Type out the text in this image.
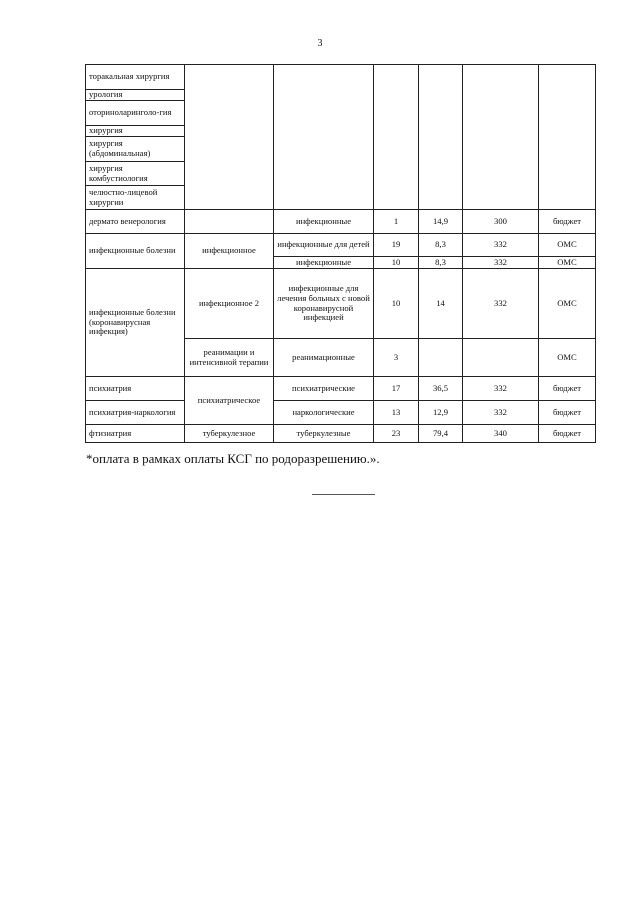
3
торакальная хирургия						
урология						
оториноларинголо-гия						
хирургия						
хирургия (абдоминальная)						
хирургия комбустиология						
челюстно-лицевой хирургии						
дермато венерология		инфекционные	1	14,9	300	бюджет
инфекционные болезни	инфекционное	инфекционные для детей	19	8,3	332	ОМС
		инфекционные	10	8,3	332	ОМС
инфекционные болезни (коронавирусная инфекция)	инфекционное 2	инфекционные для лечения больных с новой коронавирусной инфекцией	10	14	332	ОМС
	реанимации и интенсивной терапии	реанимационные	3			ОМС
психиатрия	психиатрическое	психиатрические	17	36,5	332	бюджет
психиатрия-наркология		наркологические	13	12,9	332	бюджет
фтизиатрия	туберкулезное	туберкулезные	23	79,4	340	бюджет
*оплата в рамках оплаты КСГ по родоразрешению.».
